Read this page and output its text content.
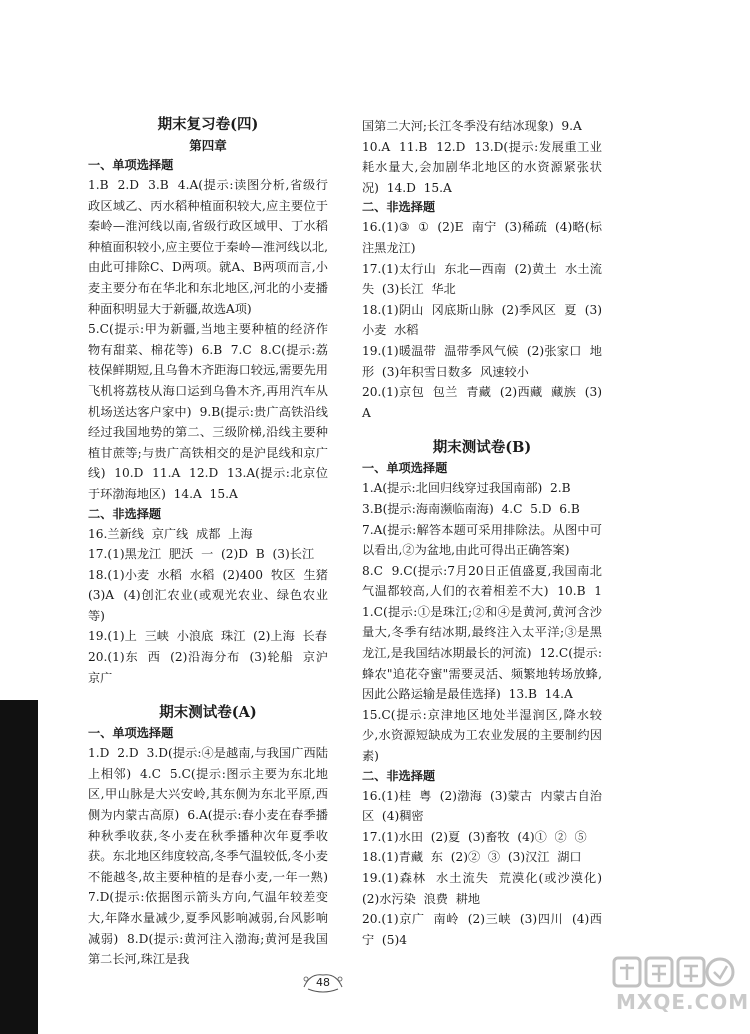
期末复习卷(四)

第四章

一、单项选择题

1.B  2.D  3.B  4.A(提示:读图分析,省级行政区域乙、丙水稻种植面积较大,应主要位于秦岭—淮河线以南,省级行政区域甲、丁水稻种植面积较小,应主要位于秦岭—淮河线以北,由此可排除C、D两项。就A、B两项而言,小麦主要分布在华北和东北地区,河北的小麦播种面积明显大于新疆,故选A项)
5.C(提示:甲为新疆,当地主要种植的经济作物有甜菜、棉花等)  6.B  7.C  8.C(提示:荔枝保鲜期短,且乌鲁木齐距海口较远,需要先用飞机将荔枝从海口运到乌鲁木齐,再用汽车从机场送达客户家中)  9.B(提示:贵广高铁沿线经过我国地势的第二、三级阶梯,沿线主要种植甘蔗等;与贵广高铁相交的是沪昆线和京广线)  10.D  11.A  12.D  13.A(提示:北京位于环渤海地区)  14.A  15.A

二、非选择题

16.兰新线  京广线  成都  上海
17.(1)黑龙江  肥沃  一  (2)D  B  (3)长江
18.(1)小麦  水稻  水稻  (2)400  牧区  生猪  (3)A  (4)创汇农业(或观光农业、绿色农业等)
19.(1)上  三峡  小浪底  珠江  (2)上海  长春
20.(1)东  西  (2)沿海分布  (3)轮船  京沪  京广

期末测试卷(A)

一、单项选择题

1.D  2.D  3.D(提示:④是越南,与我国广西陆上相邻)  4.C  5.C(提示:图示主要为东北地区,甲山脉是大兴安岭,其东侧为东北平原,西侧为内蒙古高原)  6.A(提示:春小麦在春季播种秋季收获,冬小麦在秋季播种次年夏季收获。东北地区纬度较高,冬季气温较低,冬小麦不能越冬,故主要种植的是春小麦,一年一熟)  7.D(提示:依据图示箭头方向,气温年较差变大,年降水量减少,夏季风影响减弱,台风影响减弱)  8.D(提示:黄河注入渤海;黄河是我国第二长河,珠江是我

国第二大河;长江冬季没有结冰现象)  9.A
10.A  11.B  12.D  13.D(提示:发展重工业耗水量大,会加剧华北地区的水资源紧张状况)  14.D  15.A

二、非选择题

16.(1)③  ①  (2)E  南宁  (3)稀疏  (4)略(标注黑龙江)
17.(1)太行山  东北—西南  (2)黄土  水土流失  (3)长江  华北
18.(1)阴山  冈底斯山脉  (2)季风区  夏  (3)小麦  水稻
19.(1)暖温带  温带季风气候  (2)张家口  地形  (3)年积雪日数多  风速较小
20.(1)京包  包兰  青藏  (2)西藏  藏族  (3)A

期末测试卷(B)

一、单项选择题

1.A(提示:北回归线穿过我国南部)  2.B
3.B(提示:海南濒临南海)  4.C  5.D  6.B
7.A(提示:解答本题可采用排除法。从图中可以看出,②为盆地,由此可得出正确答案)
8.C  9.C(提示:7月20日正值盛夏,我国南北气温都较高,人们的衣着相差不大)  10.B  11.C(提示:①是珠江;②和④是黄河,黄河含沙量大,冬季有结冰期,最终注入太平洋;③是黑龙江,是我国结冰期最长的河流)  12.C(提示:蜂农"追花夺蜜"需要灵活、频繁地转场放蜂,因此公路运输是最佳选择)  13.B  14.A
15.C(提示:京津地区地处半湿润区,降水较少,水资源短缺成为工农业发展的主要制约因素)

二、非选择题

16.(1)桂  粤  (2)渤海  (3)蒙古  内蒙古自治区  (4)稠密
17.(1)水田  (2)夏  (3)畜牧  (4)①  ②  ⑤
18.(1)青藏  东  (2)②  ③  (3)汉江  湖口
19.(1)森林  水土流失  荒漠化(或沙漠化)  (2)水污染  浪费  耕地
20.(1)京广  南岭  (2)三峡  (3)四川  (4)西宁  (5)4

48
MXQE.COM
